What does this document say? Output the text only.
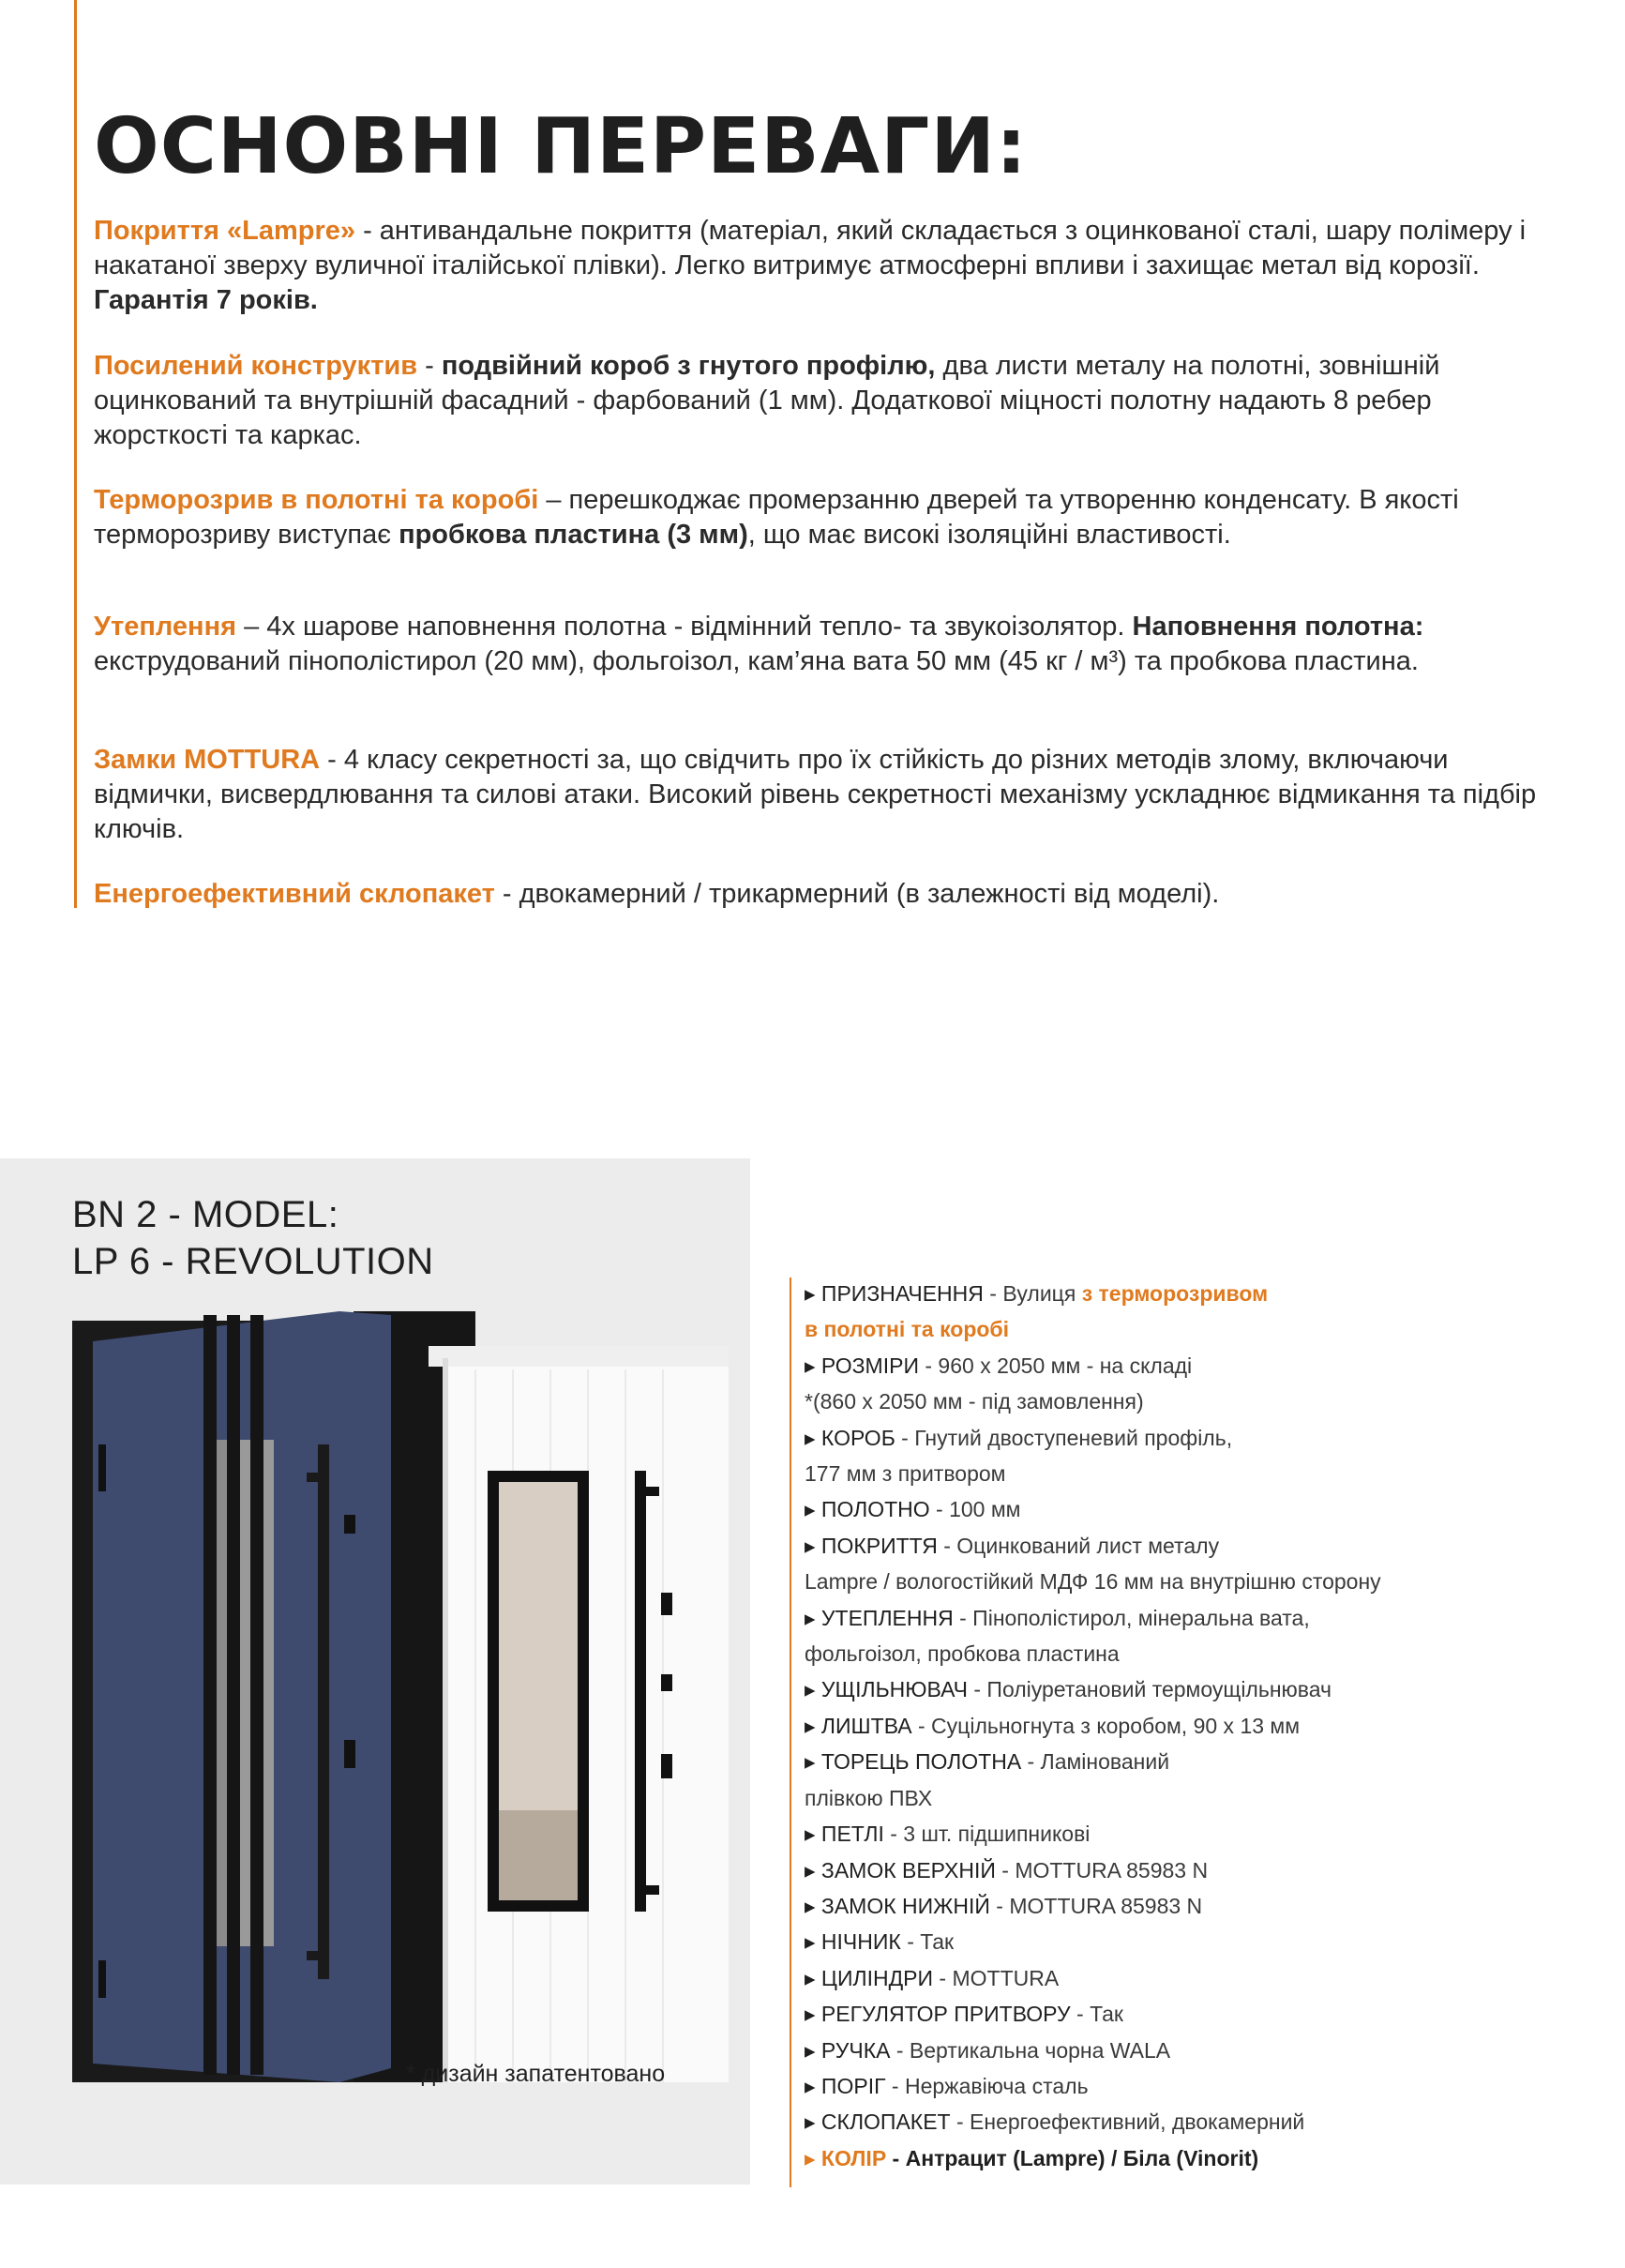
ОСНОВНІ ПЕРЕВАГИ:

Покриття «Lampre» - антивандальне покриття (матеріал, який складається з оцинкованої сталі, шару полімеру і накатаної зверху вуличної італійської плівки). Легко витримує атмосферні впливи і захищає метал від корозії. Гарантія 7 років.

Посилений конструктив - подвійний короб з гнутого профілю, два листи металу на полотні, зовнішній оцинкований та внутрішній фасадний - фарбований (1 мм). Додаткової міцності полотну надають 8 ребер жорсткості та каркас.

Терморозрив в полотні та коробі – перешкоджає промерзанню дверей та утворенню конденсату. В якості терморозриву виступає пробкова пластина (3 мм), що має високі ізоляційні властивості.

Утеплення – 4х шарове наповнення полотна - відмінний тепло- та звукоізолятор. Наповнення полотна: екструдований пінополістирол (20 мм), фольгоізол, кам’яна вата 50 мм (45 кг / м³) та пробкова пластина.

Замки MOTTURA - 4 класу секретності за, що свідчить про їх стійкість до різних методів злому, включаючи відмички, висвердлювання та силові атаки. Високий рівень секретності механізму ускладнює відмикання та підбір ключів.

Енергоефективний склопакет - двокамерний / трикармерний (в залежності від моделі).

BN 2 - MODEL:
LP 6 - REVOLUTION
* дизайн запатентовано
▸ ПРИЗНАЧЕННЯ - Вулиця з терморозривом
в полотні та коробі
▸ РОЗМІРИ - 960 x 2050 мм - на складі
*(860 x 2050 мм - під замовлення)
▸ КОРОБ - Гнутий двоступеневий профіль,
177 мм з притвором
▸ ПОЛОТНО - 100 мм
▸ ПОКРИТТЯ - Оцинкований лист металу
Lampre / вологостійкий МДФ 16 мм на внутрішню сторону
▸ УТЕПЛЕННЯ - Пінополістирол, мінеральна вата,
фольгоізол, пробкова пластина
▸ УЩІЛЬНЮВАЧ - Поліуретановий термоущільнювач
▸ ЛИШТВА - Суцільногнута з коробом, 90 x 13 мм
▸ ТОРЕЦЬ ПОЛОТНА - Ламінований
плівкою ПВХ
▸ ПЕТЛІ - 3 шт. підшипникові
▸ ЗАМОК ВЕРХНІЙ - MOTTURA 85983 N
▸ ЗАМОК НИЖНІЙ - MOTTURA 85983 N
▸ НІЧНИК - Так
▸ ЦИЛІНДРИ - MOTTURA
▸ РЕГУЛЯТОР ПРИТВОРУ - Так
▸ РУЧКА - Вертикальна чорна WALA
▸ ПОРІГ - Нержавіюча сталь
▸ СКЛОПАКЕТ - Енергоефективний, двокамерний
▸ КОЛІР - Антрацит (Lampre) / Біла (Vinorit)
